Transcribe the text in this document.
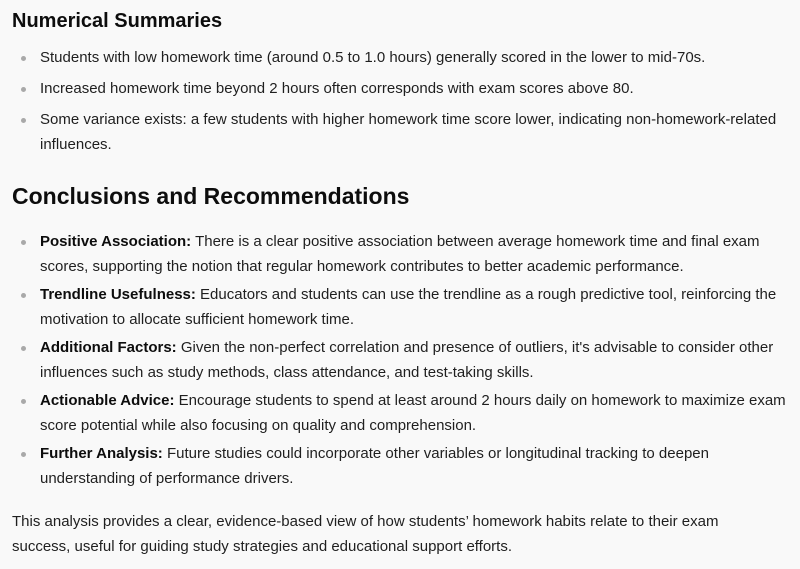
Numerical Summaries
Students with low homework time (around 0.5 to 1.0 hours) generally scored in the lower to mid-70s.
Increased homework time beyond 2 hours often corresponds with exam scores above 80.
Some variance exists: a few students with higher homework time score lower, indicating non-homework-related influences.
Conclusions and Recommendations
Positive Association: There is a clear positive association between average homework time and final exam scores, supporting the notion that regular homework contributes to better academic performance.
Trendline Usefulness: Educators and students can use the trendline as a rough predictive tool, reinforcing the motivation to allocate sufficient homework time.
Additional Factors: Given the non-perfect correlation and presence of outliers, it's advisable to consider other influences such as study methods, class attendance, and test-taking skills.
Actionable Advice: Encourage students to spend at least around 2 hours daily on homework to maximize exam score potential while also focusing on quality and comprehension.
Further Analysis: Future studies could incorporate other variables or longitudinal tracking to deepen understanding of performance drivers.

This analysis provides a clear, evidence-based view of how students’ homework habits relate to their exam success, useful for guiding study strategies and educational support efforts.
